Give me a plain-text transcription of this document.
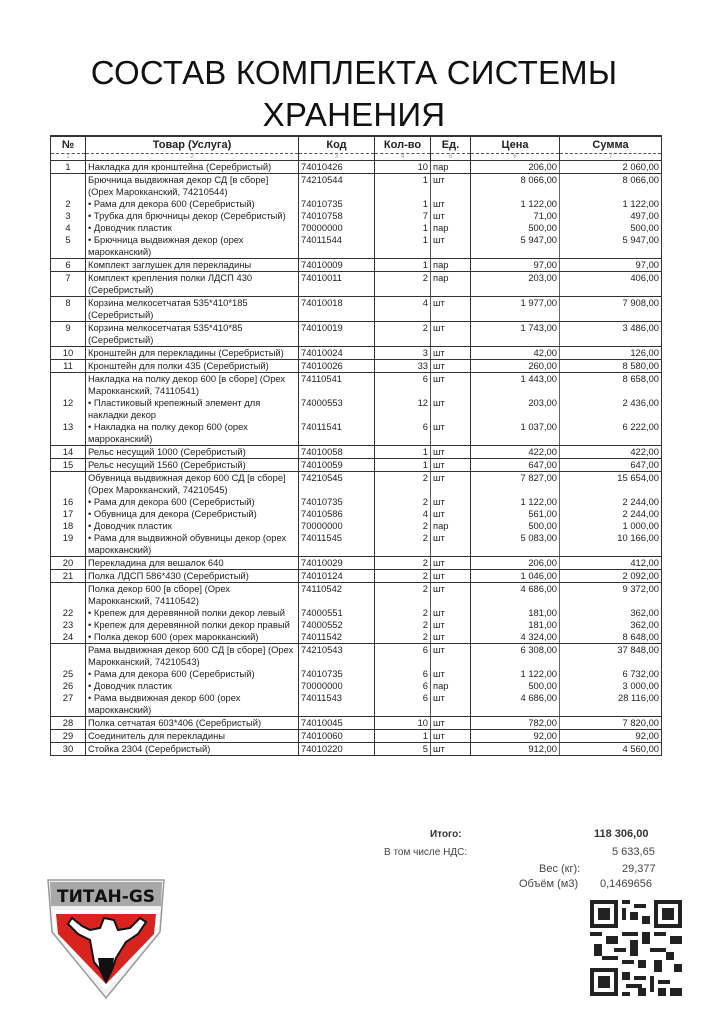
СОСТАВ КОМПЛЕКТА СИСТЕМЫ
ХРАНЕНИЯ
№	Товар (Услуга)	Код	Кол-во	Ед.	Цена	Сумма
1	2	3	4	5	6	7
1	Накладка для кронштейна (Серебристый)	74010426	10	пар	206,00	2 060,00
	Брючница выдвижная декор СД [в сборе] (Орех Марокканский, 74210544)	74210544	1	шт	8 066,00	8 066,00
2	• Рама для декора 600 (Серебристый)	74010735	1	шт	1 122,00	1 122,00
3	• Трубка для брючницы декор (Серебристый)	74010758	7	шт	71,00	497,00
4	• Доводчик пластик	70000000	1	пар	500,00	500,00
5	• Брючница выдвижная декор (орех марокканский)	74011544	1	шт	5 947,00	5 947,00
6	Комплект заглушек для перекладины	74010009	1	пар	97,00	97,00
7	Комплект крепления полки ЛДСП 430 (Серебристый)	74010011	2	пар	203,00	406,00
8	Корзина мелкосетчатая 535*410*185 (Серебристый)	74010018	4	шт	1 977,00	7 908,00
9	Корзина мелкосетчатая 535*410*85 (Серебристый)	74010019	2	шт	1 743,00	3 486,00
10	Кронштейн для перекладины (Серебристый)	74010024	3	шт	42,00	126,00
11	Кронштейн для полки 435 (Серебристый)	74010026	33	шт	260,00	8 580,00
	Накладка на полку декор 600 [в сборе] (Орех Марокканский, 74110541)	74110541	6	шт	1 443,00	8 658,00
12	• Пластиковый крепежный элемент для накладки декор	74000553	12	шт	203,00	2 436,00
13	• Накладка на полку декор 600 (орех марроканский)	74011541	6	шт	1 037,00	6 222,00
14	Рельс несущий 1000 (Серебристый)	74010058	1	шт	422,00	422,00
15	Рельс несущий 1560 (Серебристый)	74010059	1	шт	647,00	647,00
	Обувница выдвижная декор 600 СД [в сборе] (Орех Марокканский, 74210545)	74210545	2	шт	7 827,00	15 654,00
16	• Рама для декора 600 (Серебристый)	74010735	2	шт	1 122,00	2 244,00
17	• Обувница для декора (Серебристый)	74010586	4	шт	561,00	2 244,00
18	• Доводчик пластик	70000000	2	пар	500,00	1 000,00
19	• Рама для выдвижной обувницы декор (орех марокканский)	74011545	2	шт	5 083,00	10 166,00
20	Перекладина для вешалок 640	74010029	2	шт	206,00	412,00
21	Полка ЛДСП 586*430 (Серебристый)	74010124	2	шт	1 046,00	2 092,00
	Полка декор 600 [в сборе] (Орех Марокканский, 74110542)	74110542	2	шт	4 686,00	9 372,00
22	• Крепеж для деревянной полки декор левый	74000551	2	шт	181,00	362,00
23	• Крепеж для деревянной полки декор правый	74000552	2	шт	181,00	362,00
24	• Полка декор 600 (орех марокканский)	74011542	2	шт	4 324,00	8 648,00
	Рама выдвижная декор 600 СД [в сборе] (Орех Марокканский, 74210543)	74210543	6	шт	6 308,00	37 848,00
25	• Рама для декора 600 (Серебристый)	74010735	6	шт	1 122,00	6 732,00
26	• Доводчик пластик	70000000	6	пар	500,00	3 000,00
27	• Рама выдвижная декор 600 (орех марокканский)	74011543	6	шт	4 686,00	28 116,00
28	Полка сетчатая 603*406 (Серебристый)	74010045	10	шт	782,00	7 820,00
29	Соединитель для перекладины	74010060	1	шт	92,00	92,00
30	Стойка 2304 (Серебристый)	74010220	5	шт	912,00	4 560,00
Итого:	118 306,00
В том числе НДС:	5 633,65
Вес (кг):	29,377
Объём (м3) 0,1469656
ТИТАН-GS
